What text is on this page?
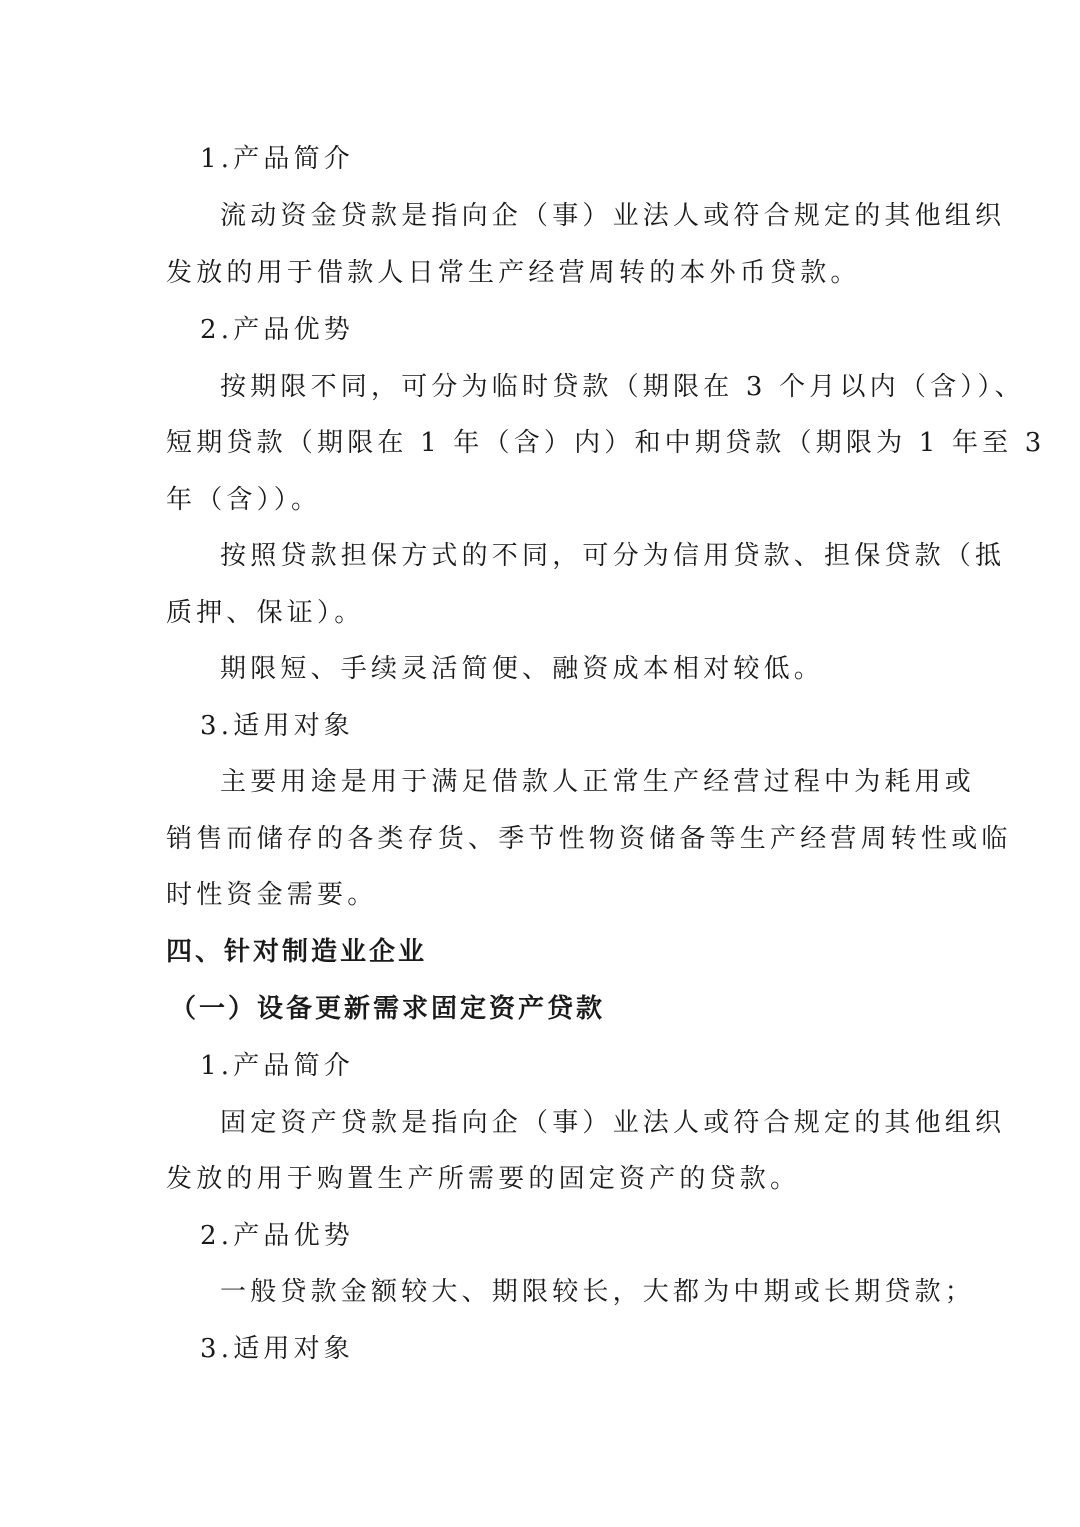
1.产品简介
流动资金贷款是指向企（事）业法人或符合规定的其他组织
发放的用于借款人日常生产经营周转的本外币贷款。
2.产品优势
按期限不同，可分为临时贷款（期限在 3 个月以内（含））、
短期贷款（期限在 1 年（含）内）和中期贷款（期限为 1 年至 3
年（含））。
按照贷款担保方式的不同，可分为信用贷款、担保贷款（抵
质押、保证）。
期限短、手续灵活简便、融资成本相对较低。
3.适用对象
主要用途是用于满足借款人正常生产经营过程中为耗用或
销售而储存的各类存货、季节性物资储备等生产经营周转性或临
时性资金需要。
四、针对制造业企业
（一）设备更新需求固定资产贷款
1.产品简介
固定资产贷款是指向企（事）业法人或符合规定的其他组织
发放的用于购置生产所需要的固定资产的贷款。
2.产品优势
一般贷款金额较大、期限较长，大都为中期或长期贷款；
3.适用对象
